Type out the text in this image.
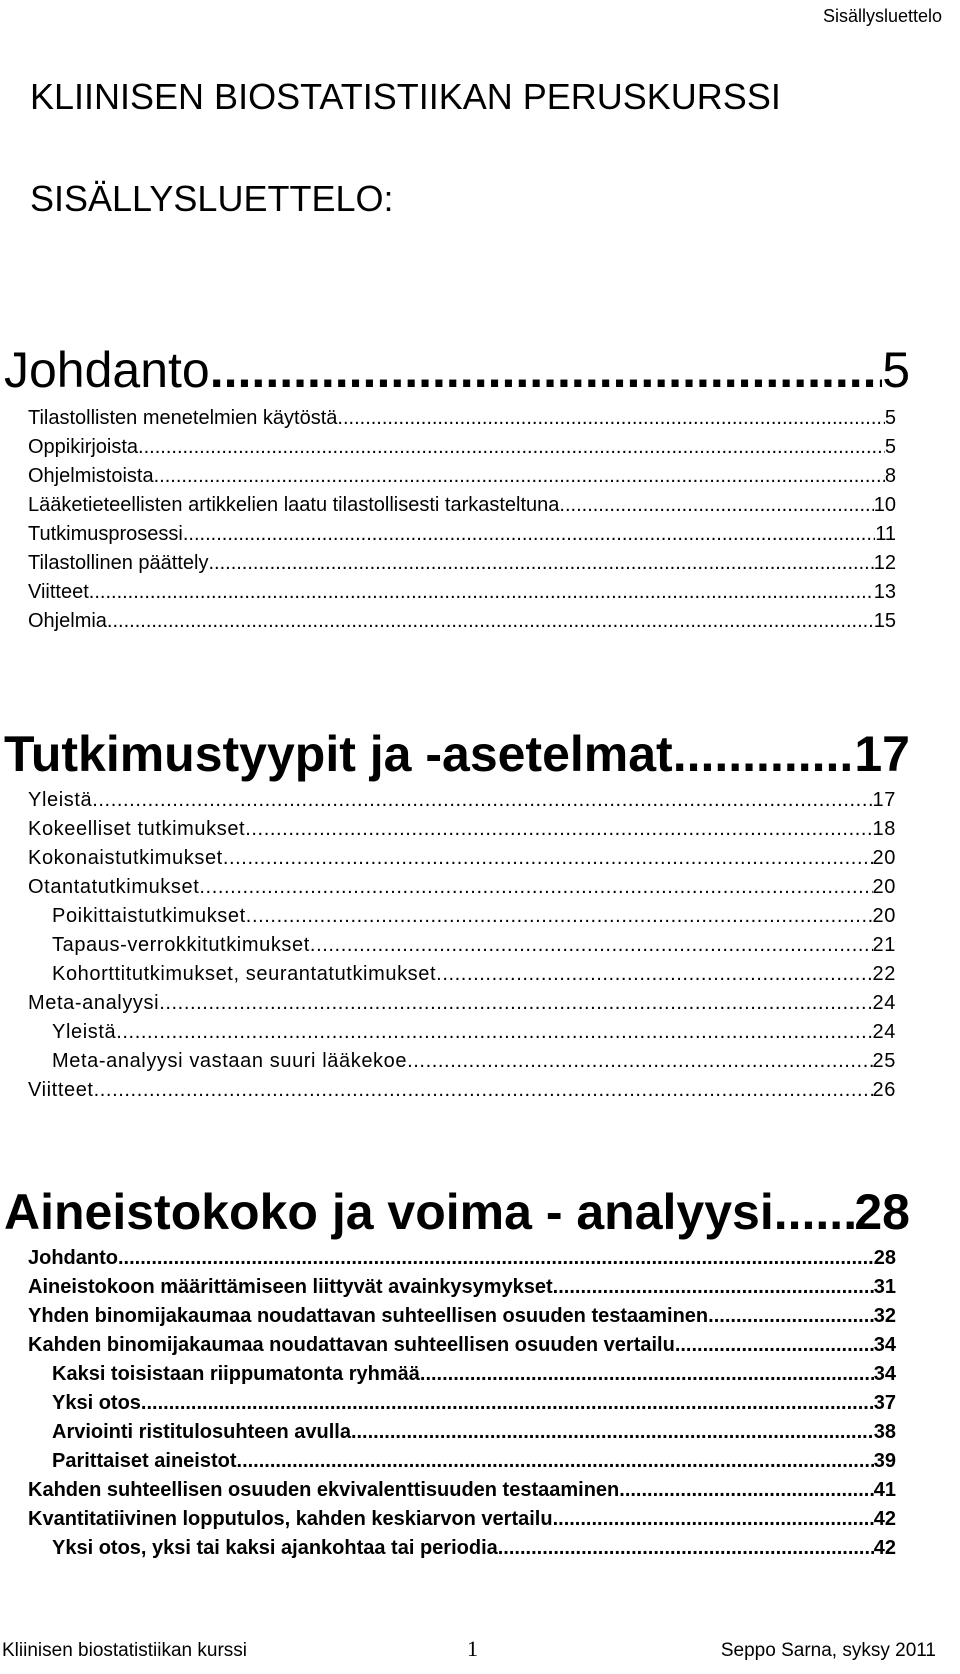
Sisällysluettelo
KLIINISEN BIOSTATISTIIKAN PERUSKURSSI
SISÄLLYSLUETTELO:
Johdanto .....	5
Tilastollisten menetelmien käytöstä .....	5
Oppikirjoista .....	5
Ohjelmistoista .....	8
Lääketieteellisten artikkelien laatu tilastollisesti tarkasteltuna .....	10
Tutkimusprosessi .....	11
Tilastollinen päättely .....	12
Viitteet .....	13
Ohjelmia .....	15
Tutkimustyypit ja -asetelmat .....	17
Yleistä .....	17
Kokeelliset tutkimukset .....	18
Kokonaistutkimukset .....	20
Otantatutkimukset .....	20
Poikittaistutkimukset .....	20
Tapaus-verrokkitutkimukset .....	21
Kohorttitutkimukset, seurantatutkimukset .....	22
Meta-analyysi .....	24
Yleistä .....	24
Meta-analyysi vastaan suuri lääkekoe .....	25
Viitteet .....	26
Aineistokoko ja voima - analyysi ..... 28
Johdanto .....	28
Aineistokoon määrittämiseen liittyvät avainkysymykset .....	31
Yhden binomijakaumaa noudattavan suhteellisen osuuden testaaminen .....	32
Kahden binomijakaumaa noudattavan suhteellisen osuuden vertailu .....	34
Kaksi toisistaan riippumatonta ryhmää .....	34
Yksi otos .....	37
Arviointi ristitulosuhteen avulla .....	38
Parittaiset aineistot .....	39
Kahden suhteellisen osuuden ekvivalenttisuuden testaaminen .....	41
Kvantitatiivinen lopputulos, kahden keskiarvon vertailu .....	42
Yksi otos, yksi tai kaksi ajankohtaa tai periodia .....	42
Kliinisen biostatistiikan kurssi	1	Seppo Sarna, syksy 2011
